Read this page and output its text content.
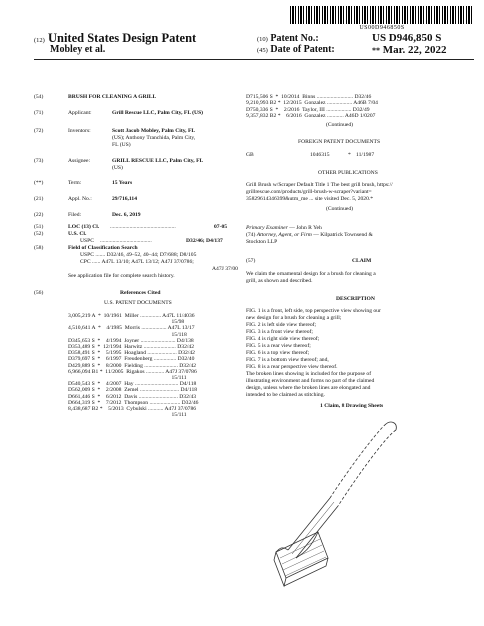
US00D946850S
(12) United States Design Patent
Mobley et al.
(10) Patent No.:	US D946,850 S
(45) Date of Patent:	** Mar. 22, 2022
(54)	BRUSH FOR CLEANING A GRILL
(71)	Applicant:	Grill Rescue LLC, Palm City, FL (US)
(72)	Inventors:	Scott Jacob Mobley, Palm City, FL
(US); Anthony Tranchida, Palm City,
FL (US)
(73)	Assignee:	GRILL RESCUE LLC, Palm City, FL
(US)
(**)	Term:	15 Years
(21)	Appl. No.:	29/716,114
(22)	Filed:	Dec. 6, 2019
(51)	LOC (13) Cl. ...............................................	07-05
(52)	U.S. Cl.
USPC .....................................	D32/46; D4/137
(58)	Field of Classification Search
USPC ....... D32/46, 49–52, 40–44; D7/688; D8/105
CPC ...... A47L 13/10; A47L 13/12; A47J 37/0786;
A47J 37/00
See application file for complete search history.
(56)	References Cited
U.S. PATENT DOCUMENTS
3,005,219 A  *  10/1961  Miller ............... A47L 11/4036
15/98
4,510,641 A  *    4/1985  Morris .................. A47L 13/17
15/118
D345,653 S  *    4/1994  Joyner ......................... D4/138
D353,489 S  *  12/1994  Harwitz ....................... D32/42
D358,491 S  *    5/1995  Hoagland ..................... D32/42
D379,697 S  *    6/1997  Freudenberg ................ D32/40
D429,889 S  *    8/2000  Fielding ........................ D32/42
6,966,094 B1 *  11/2005  Rigakos ............. A47J 37/0786
15/111
D540,543 S  *    4/2007  Hay ............................... D4/118
D562,009 S  *    2/2008  Zemel ............................ D4/118
D661,446 S  *    6/2012  Davis ............................ D32/43
D664,319 S  *    7/2012  Thompson ...................... D32/46
8,438,687 B2 *    5/2013  Cybulski ........... A47J 37/0786
15/111
D715,506 S  *  10/2014  Binns .......................... D32/46
9,210,993 B2 *  12/2015  Gonzalez .................. A46B 7/04
D750,336 S  *    2/2016  Taylor, III .................. D32/49
9,357,832 B2 *    6/2016  Gonzalez ............ A46D 1/0207
(Continued)
FOREIGN PATENT DOCUMENTS
GB	1046315	* 11/1987
OTHER PUBLICATIONS
Grill Brush w/Scraper Default Title 1 The best grill brush, https://
grillrescue.com/products/grill-brush-w-scraper?variant=
35829614346399&utm_me ... site visited Dec. 5, 2020.*
(Continued)
Primary Examiner — John R Yeh
(74) Attorney, Agent, or Firm — Kilpatrick Townsend &
Stockton LLP
(57)	CLAIM
We claim the ornamental design for a brush for cleaning a
grill, as shown and described.
DESCRIPTION
FIG. 1 is a front, left side, top perspective view showing our
new design for a brush for cleaning a grill;
FIG. 2 is left side view thereof;
FIG. 3 is a front view thereof;
FIG. 4 is right side view thereof;
FIG. 5 is a rear view thereof;
FIG. 6 is a top view thereof;
FIG. 7 is a bottom view thereof; and,
FIG. 8 is a rear perspective view thereof.
The broken lines showing is included for the purpose of
illustrating environment and forms no part of the claimed
design, unless where the broken lines are elongated and
intended to be claimed as stitching.
1 Claim, 8 Drawing Sheets
